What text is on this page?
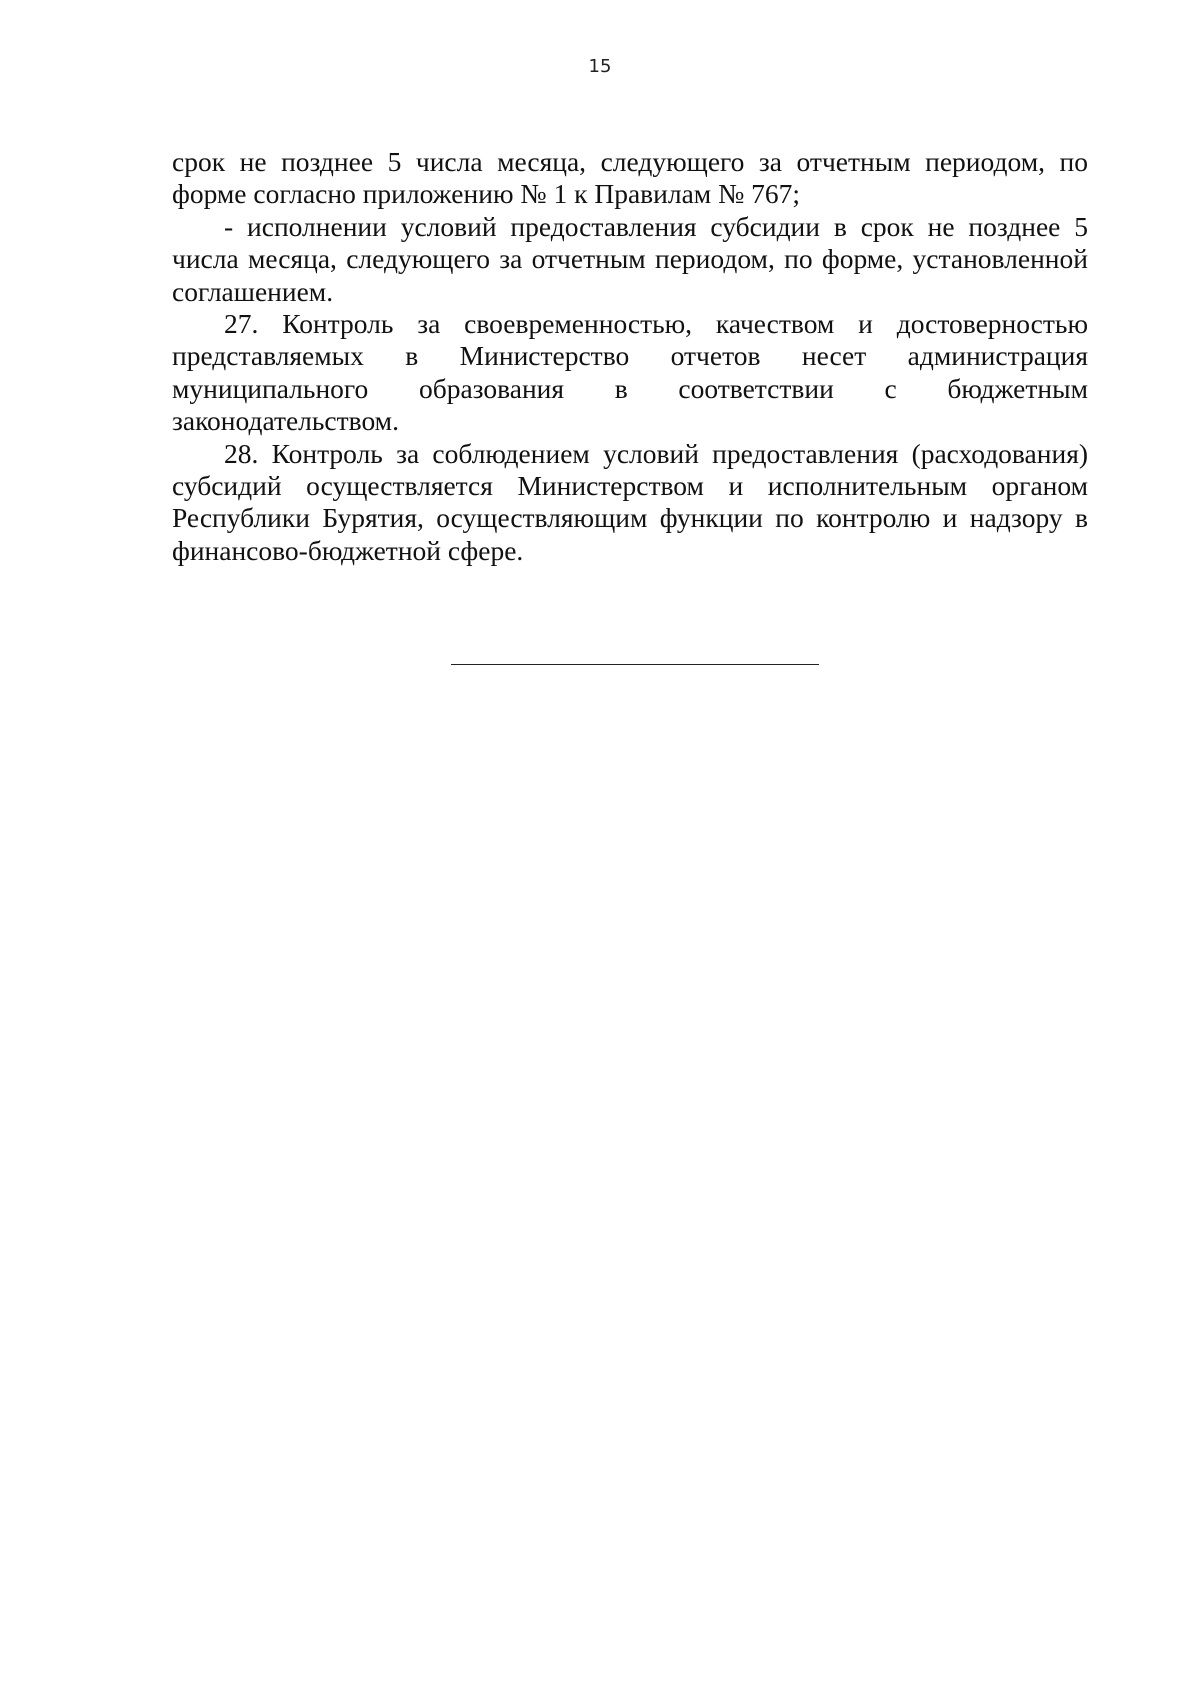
15

срок не позднее 5 числа месяца, следующего за отчетным периодом, по форме согласно приложению № 1 к Правилам № 767;

- исполнении условий предоставления субсидии в срок не позднее 5 числа месяца, следующего за отчетным периодом, по форме, установленной соглашением.

27. Контроль за своевременностью, качеством и достоверностью представляемых в Министерство отчетов несет администрация муниципального образования в соответствии с бюджетным законодательством.

28. Контроль за соблюдением условий предоставления (расходования) субсидий осуществляется Министерством и исполнительным органом Республики Бурятия, осуществляющим функции по контролю и надзору в финансово-бюджетной сфере.
